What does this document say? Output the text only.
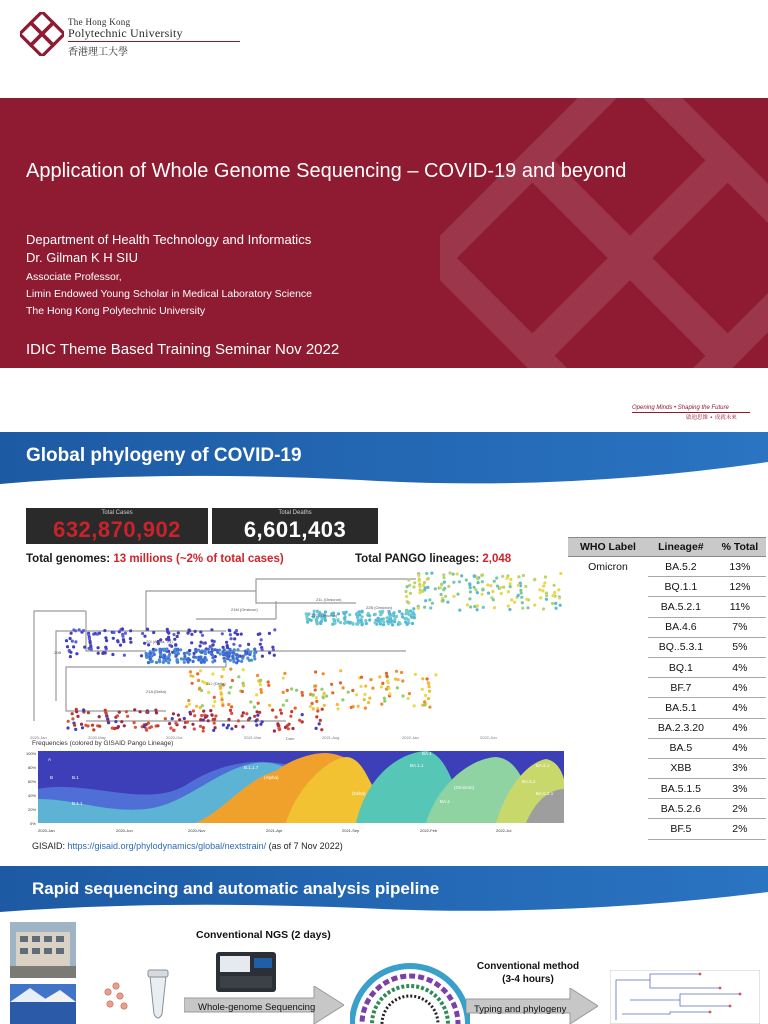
The Hong Kong
Polytechnic University
香港理工大學
Application of Whole Genome Sequencing – COVID-19 and beyond
Department of Health Technology and Informatics
Dr. Gilman K H SIU
Associate Professor,
Limin Endowed Young Scholar in Medical Laboratory Science
The Hong Kong Polytechnic University
IDIC Theme Based Training Seminar Nov 2022
Opening Minds • Shaping the Future
啟迪思維 • 成就未來
Global phylogeny of COVID-19
Total Cases
632,870,902
Total Deaths
6,601,403
Total genomes: 13 millions (~2% of total cases)	Total PANGO lineages: 2,048
21M (Omicron)
21L (Omicron)
22B (Omicron)
22C (Omicron)
20I (Alpha, V1)
21J (Delta)
21A (Delta)
20B
2020-Jan	2020-May	2020-Oct	2021-Mar	2021-Aug	2022-Jan	2022-Jun
Date
Frequencies (colored by GISAID Pango Lineage)
100%
80%
60%
40%
20%
0%
2020-Jan	2020-Jun	2020-Nov	2021-Apr	2021-Sep	2022-Feb	2022-Jul
A
B	B.1
B.1.1
B.1.1.7
(Alpha)
(Delta)
BA.1
BA.1.1
(Omicron)
BA.2
BA.5.1
BA.5.2
BA.5.2.1
GISAID: https://gisaid.org/phylodynamics/global/nextstrain/ (as of 7 Nov 2022)
WHO Label	Lineage#	% Total
Omicron	BA.5.2	13%
	BQ.1.1	12%
	BA.5.2.1	11%
	BA.4.6	7%
	BQ..5.3.1	5%
	BQ.1	4%
	BF.7	4%
	BA.5.1	4%
	BA.2.3.20	4%
	BA.5	4%
	XBB	3%
	BA.5.1.5	3%
	BA.5.2.6	2%
	BF.5	2%
Rapid sequencing and automatic analysis pipeline
Conventional NGS (2 days)
Whole-genome Sequencing
Conventional method
(3-4 hours)
Typing and phylogeny
